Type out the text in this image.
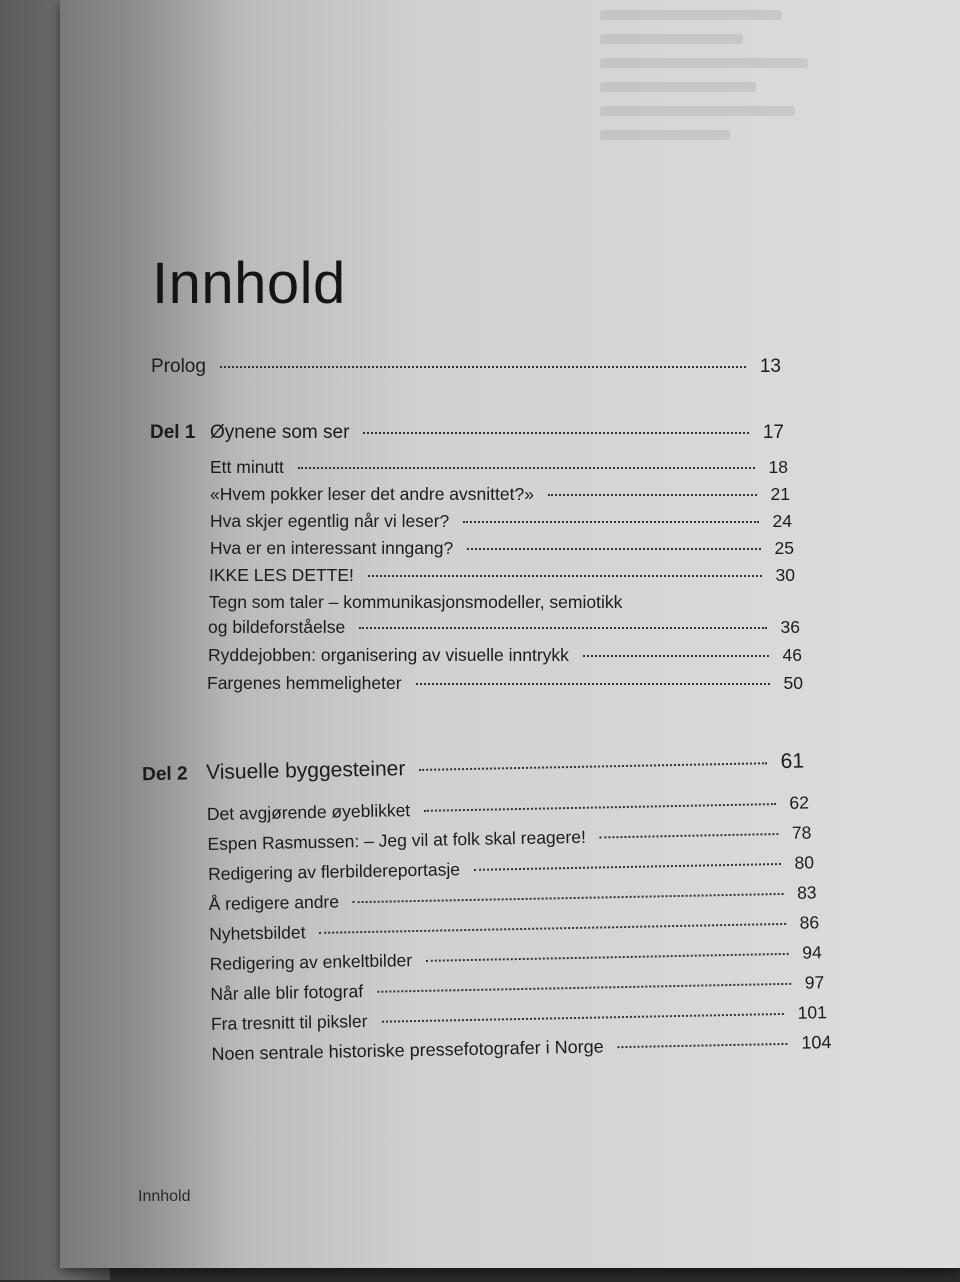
Innhold
Prolog	13
Del 1 Øynene som ser	17
Ett minutt	18
«Hvem pokker leser det andre avsnittet?»	21
Hva skjer egentlig når vi leser?	24
Hva er en interessant inngang?	25
IKKE LES DETTE!	30
Tegn som taler – kommunikasjonsmodeller, semiotikk
og bildeforståelse	36
Ryddejobben: organisering av visuelle inntrykk	46
Fargenes hemmeligheter	50
Del 2 Visuelle byggesteiner	61
Det avgjørende øyeblikket	62
Espen Rasmussen: – Jeg vil at folk skal reagere!	78
Redigering av flerbildereportasje	80
Å redigere andre	83
Nyhetsbildet	86
Redigering av enkeltbilder	94
Når alle blir fotograf	97
Fra tresnitt til piksler	101
Noen sentrale historiske pressefotografer i Norge	104
Innhold
